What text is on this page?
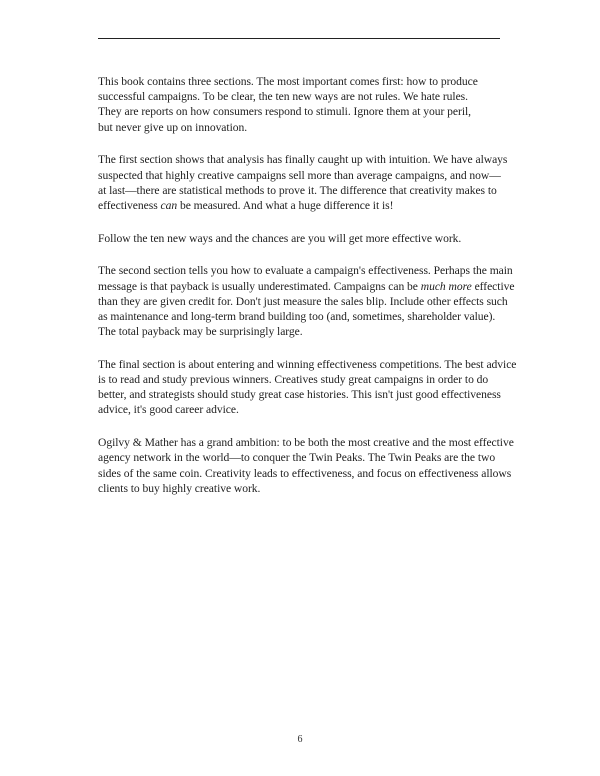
This book contains three sections. The most important comes first: how to produce
successful campaigns. To be clear, the ten new ways are not rules. We hate rules.
They are reports on how consumers respond to stimuli. Ignore them at your peril,
but never give up on innovation.

The first section shows that analysis has finally caught up with intuition. We have always
suspected that highly creative campaigns sell more than average campaigns, and now—
at last—there are statistical methods to prove it. The difference that creativity makes to
effectiveness can be measured. And what a huge difference it is!

Follow the ten new ways and the chances are you will get more effective work.

The second section tells you how to evaluate a campaign's effectiveness. Perhaps the main
message is that payback is usually underestimated. Campaigns can be much more effective
than they are given credit for. Don't just measure the sales blip. Include other effects such
as maintenance and long-term brand building too (and, sometimes, shareholder value).
The total payback may be surprisingly large.

The final section is about entering and winning effectiveness competitions. The best advice
is to read and study previous winners. Creatives study great campaigns in order to do
better, and strategists should study great case histories. This isn't just good effectiveness
advice, it's good career advice.

Ogilvy & Mather has a grand ambition: to be both the most creative and the most effective
agency network in the world—to conquer the Twin Peaks. The Twin Peaks are the two
sides of the same coin. Creativity leads to effectiveness, and focus on effectiveness allows
clients to buy highly creative work.

6
